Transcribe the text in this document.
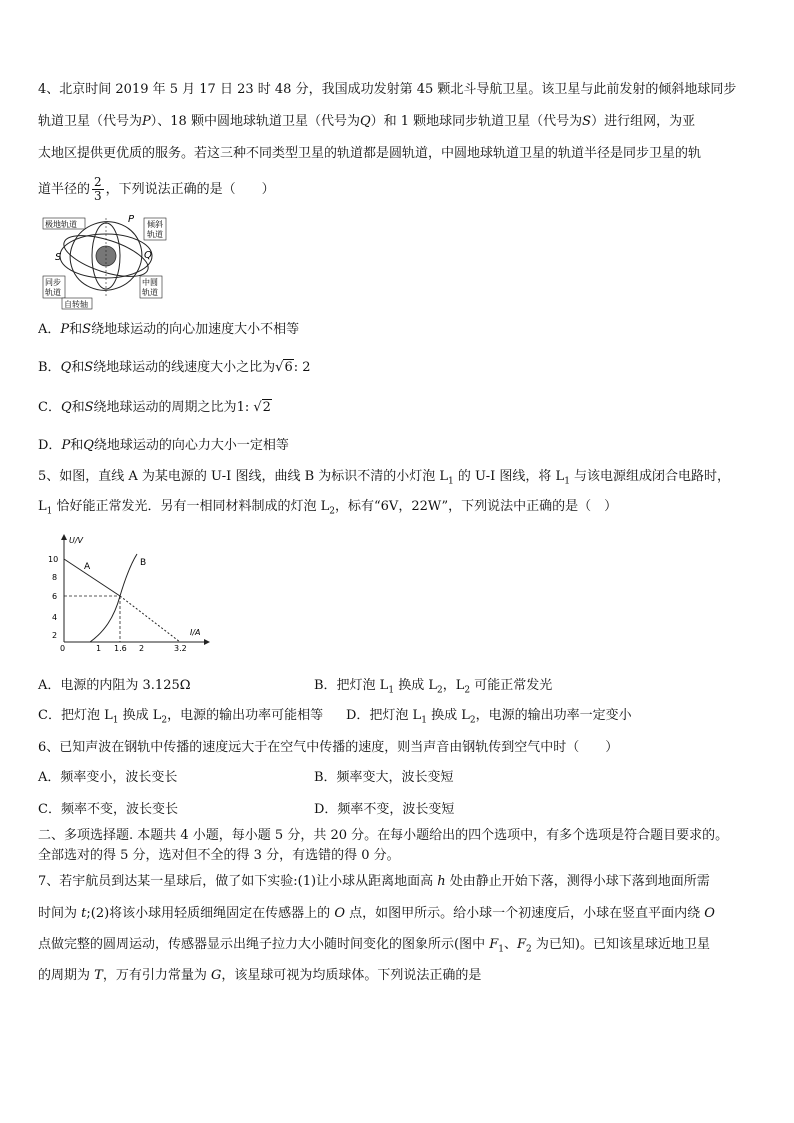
4、北京时间 2019 年 5 月 17 日 23 时 48 分，我国成功发射第 45 颗北斗导航卫星。该卫星与此前发射的倾斜地球同步
轨道卫星（代号为P）、18 颗中圆地球轨道卫星（代号为Q）和 1 颗地球同步轨道卫星（代号为S）进行组网，为亚
太地区提供更优质的服务。若这三种不同类型卫星的轨道都是圆轨道，中圆地球轨道卫星的轨道半径是同步卫星的轨
道半径的 $\frac{2}{3}$ ，下列说法正确的是（　　）
极地轨道	倾斜
轨道
P
S	Q
同步
轨道
中圆
轨道
自转轴
A．P和S绕地球运动的向心加速度大小不相等
B．Q和S绕地球运动的线速度大小之比为√6: 2
C．Q和S绕地球运动的周期之比为1: √2
D．P和Q绕地球运动的向心力大小一定相等
5、如图，直线 A 为某电源的 U-I 图线，曲线 B 为标识不清的小灯泡 $L_1$ 的 U-I 图线，将 $L_1$ 与该电源组成闭合电路时，
$L_1$ 恰好能正常发光．另有一相同材料制成的灯泡 $L_2$，标有“6V，22W”，下列说法中正确的是（　）
U/V
I/A
10
8
6
4
2
0	1 1.6 2	3.2
A	B
A．电源的内阻为 3.125Ω	B．把灯泡 $L_1$ 换成 $L_2$，$L_2$ 可能正常发光
C．把灯泡 $L_1$ 换成 $L_2$，电源的输出功率可能相等 D．把灯泡 $L_1$ 换成 $L_2$，电源的输出功率一定变小
6、已知声波在钢轨中传播的速度远大于在空气中传播的速度，则当声音由钢轨传到空气中时（　　）
A．频率变小，波长变长	B．频率变大，波长变短
C．频率不变，波长变长	D．频率不变，波长变短
二、多项选择题. 本题共 4 小题，每小题 5 分，共 20 分。在每小题给出的四个选项中，有多个选项是符合题目要求的。
全部选对的得 5 分，选对但不全的得 3 分，有选错的得 0 分。
7、若宇航员到达某一星球后，做了如下实验:(1)让小球从距离地面高 h 处由静止开始下落，测得小球下落到地面所需
时间为 t;(2)将该小球用轻质细绳固定在传感器上的 O 点，如图甲所示。给小球一个初速度后，小球在竖直平面内绕 O
点做完整的圆周运动，传感器显示出绳子拉力大小随时间变化的图象所示(图中 $F_1$、$F_2$ 为已知)。已知该星球近地卫星
的周期为 T，万有引力常量为 G，该星球可视为均质球体。下列说法正确的是
